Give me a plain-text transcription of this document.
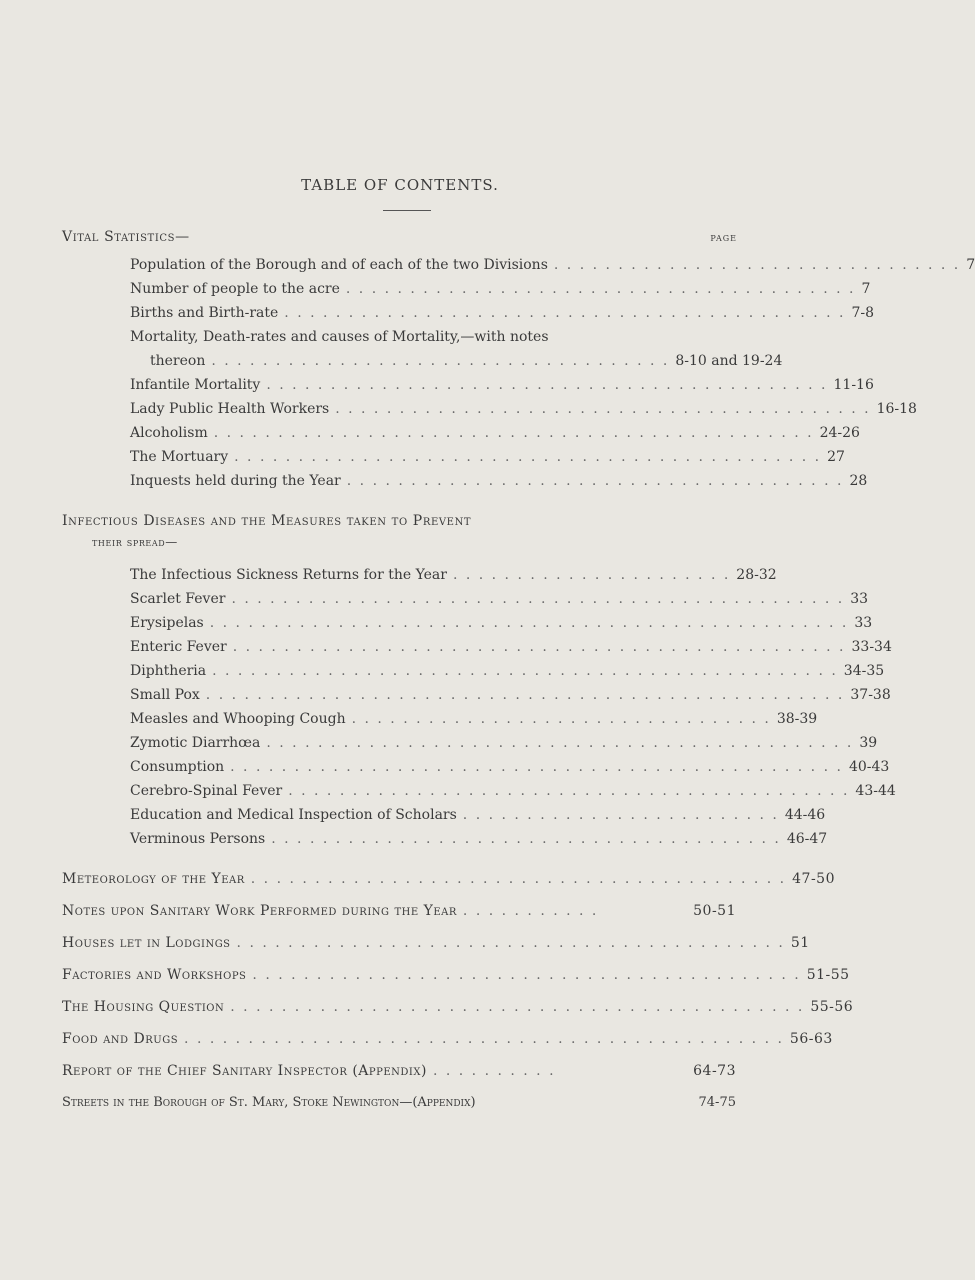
TABLE OF CONTENTS.
Vital Statistics—	page
Population of the Borough and of each of the two Divisions . . . . . . . . . . . . . . . . . . . . . . . . . . . . . . . . 7
Number of people to the acre . . . . . . . . . . . . . . . . . . . . . . . . . . . . . . . . . . . . . . . . 7
Births and Birth-rate . . . . . . . . . . . . . . . . . . . . . . . . . . . . . . . . . . . . . . . . . . . . 7-8
Mortality, Death-rates and causes of Mortality,—with notes
thereon . . . . . . . . . . . . . . . . . . . . . . . . . . . . . . . . . . . . 8-10 and 19-24
Infantile Mortality . . . . . . . . . . . . . . . . . . . . . . . . . . . . . . . . . . . . . . . . . . . . 11-16
Lady Public Health Workers . . . . . . . . . . . . . . . . . . . . . . . . . . . . . . . . . . . . . . . . . . 16-18
Alcoholism . . . . . . . . . . . . . . . . . . . . . . . . . . . . . . . . . . . . . . . . . . . . . . . 24-26
The Mortuary . . . . . . . . . . . . . . . . . . . . . . . . . . . . . . . . . . . . . . . . . . . . . . 27
Inquests held during the Year . . . . . . . . . . . . . . . . . . . . . . . . . . . . . . . . . . . . . . . 28
Infectious Diseases and the Measures taken to Prevent
their spread—
The Infectious Sickness Returns for the Year . . . . . . . . . . . . . . . . . . . . . . 28-32
Scarlet Fever . . . . . . . . . . . . . . . . . . . . . . . . . . . . . . . . . . . . . . . . . . . . . . . . 33
Erysipelas . . . . . . . . . . . . . . . . . . . . . . . . . . . . . . . . . . . . . . . . . . . . . . . . . . 33
Enteric Fever . . . . . . . . . . . . . . . . . . . . . . . . . . . . . . . . . . . . . . . . . . . . . . . . 33-34
Diphtheria . . . . . . . . . . . . . . . . . . . . . . . . . . . . . . . . . . . . . . . . . . . . . . . . . 34-35
Small Pox . . . . . . . . . . . . . . . . . . . . . . . . . . . . . . . . . . . . . . . . . . . . . . . . . . 37-38
Measles and Whooping Cough . . . . . . . . . . . . . . . . . . . . . . . . . . . . . . . . . 38-39
Zymotic Diarrhœa . . . . . . . . . . . . . . . . . . . . . . . . . . . . . . . . . . . . . . . . . . . . . . 39
Consumption . . . . . . . . . . . . . . . . . . . . . . . . . . . . . . . . . . . . . . . . . . . . . . . . 40-43
Cerebro-Spinal Fever . . . . . . . . . . . . . . . . . . . . . . . . . . . . . . . . . . . . . . . . . . . . 43-44
Education and Medical Inspection of Scholars . . . . . . . . . . . . . . . . . . . . . . . . . 44-46
Verminous Persons . . . . . . . . . . . . . . . . . . . . . . . . . . . . . . . . . . . . . . . . 46-47
Meteorology of the Year . . . . . . . . . . . . . . . . . . . . . . . . . . . . . . . . . . . . . . . . . . 47-50
Notes upon Sanitary Work Performed during the Year . . . . . . . . . . .	50-51
Houses let in Lodgings . . . . . . . . . . . . . . . . . . . . . . . . . . . . . . . . . . . . . . . . . . . 51
Factories and Workshops . . . . . . . . . . . . . . . . . . . . . . . . . . . . . . . . . . . . . . . . . . . 51-55
The Housing Question . . . . . . . . . . . . . . . . . . . . . . . . . . . . . . . . . . . . . . . . . . . . . 55-56
Food and Drugs . . . . . . . . . . . . . . . . . . . . . . . . . . . . . . . . . . . . . . . . . . . . . . . 56-63
Report of the Chief Sanitary Inspector (Appendix) . . . . . . . . . .	64-73
Streets in the Borough of St. Mary, Stoke Newington—(Appendix)	74-75
